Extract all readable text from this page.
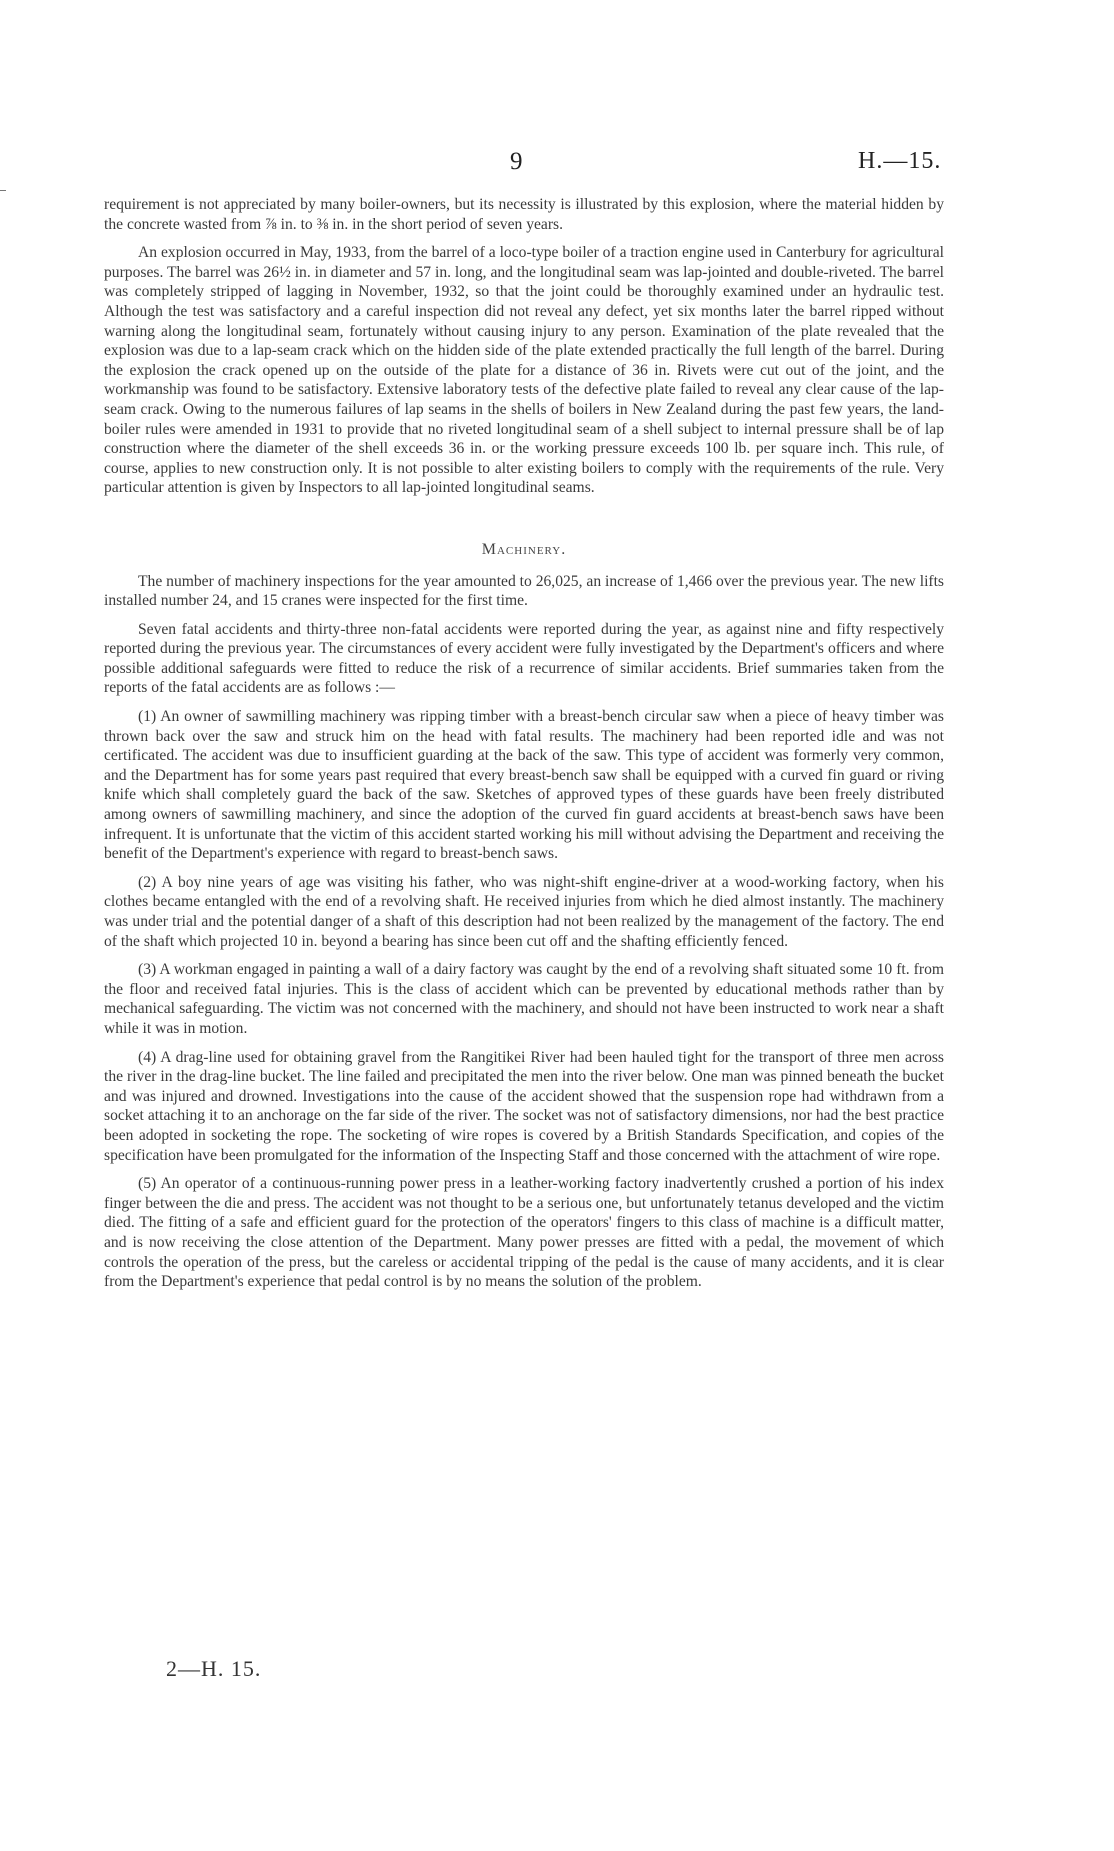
9	H.—15.

requirement is not appreciated by many boiler-owners, but its necessity is illustrated by this explosion, where the material hidden by the concrete wasted from ⅞ in. to ⅜ in. in the short period of seven years.

An explosion occurred in May, 1933, from the barrel of a loco-type boiler of a traction engine used in Canterbury for agricultural purposes. The barrel was 26½ in. in diameter and 57 in. long, and the longitudinal seam was lap-jointed and double-riveted. The barrel was completely stripped of lagging in November, 1932, so that the joint could be thoroughly examined under an hydraulic test. Although the test was satisfactory and a careful inspection did not reveal any defect, yet six months later the barrel ripped without warning along the longitudinal seam, fortunately without causing injury to any person. Examination of the plate revealed that the explosion was due to a lap-seam crack which on the hidden side of the plate extended practically the full length of the barrel. During the explosion the crack opened up on the outside of the plate for a distance of 36 in. Rivets were cut out of the joint, and the workmanship was found to be satisfactory. Extensive laboratory tests of the defective plate failed to reveal any clear cause of the lap-seam crack. Owing to the numerous failures of lap seams in the shells of boilers in New Zealand during the past few years, the land-boiler rules were amended in 1931 to provide that no riveted longitudinal seam of a shell subject to internal pressure shall be of lap construction where the diameter of the shell exceeds 36 in. or the working pressure exceeds 100 lb. per square inch. This rule, of course, applies to new construction only. It is not possible to alter existing boilers to comply with the requirements of the rule. Very particular attention is given by Inspectors to all lap-jointed longitudinal seams.

Machinery.

The number of machinery inspections for the year amounted to 26,025, an increase of 1,466 over the previous year. The new lifts installed number 24, and 15 cranes were inspected for the first time.

Seven fatal accidents and thirty-three non-fatal accidents were reported during the year, as against nine and fifty respectively reported during the previous year. The circumstances of every accident were fully investigated by the Department's officers and where possible additional safeguards were fitted to reduce the risk of a recurrence of similar accidents. Brief summaries taken from the reports of the fatal accidents are as follows :—

(1) An owner of sawmilling machinery was ripping timber with a breast-bench circular saw when a piece of heavy timber was thrown back over the saw and struck him on the head with fatal results. The machinery had been reported idle and was not certificated. The accident was due to insufficient guarding at the back of the saw. This type of accident was formerly very common, and the Department has for some years past required that every breast-bench saw shall be equipped with a curved fin guard or riving knife which shall completely guard the back of the saw. Sketches of approved types of these guards have been freely distributed among owners of sawmilling machinery, and since the adoption of the curved fin guard accidents at breast-bench saws have been infrequent. It is unfortunate that the victim of this accident started working his mill without advising the Department and receiving the benefit of the Department's experience with regard to breast-bench saws.

(2) A boy nine years of age was visiting his father, who was night-shift engine-driver at a wood-working factory, when his clothes became entangled with the end of a revolving shaft. He received injuries from which he died almost instantly. The machinery was under trial and the potential danger of a shaft of this description had not been realized by the management of the factory. The end of the shaft which projected 10 in. beyond a bearing has since been cut off and the shafting efficiently fenced.

(3) A workman engaged in painting a wall of a dairy factory was caught by the end of a revolving shaft situated some 10 ft. from the floor and received fatal injuries. This is the class of accident which can be prevented by educational methods rather than by mechanical safeguarding. The victim was not concerned with the machinery, and should not have been instructed to work near a shaft while it was in motion.

(4) A drag-line used for obtaining gravel from the Rangitikei River had been hauled tight for the transport of three men across the river in the drag-line bucket. The line failed and precipitated the men into the river below. One man was pinned beneath the bucket and was injured and drowned. Investigations into the cause of the accident showed that the suspension rope had withdrawn from a socket attaching it to an anchorage on the far side of the river. The socket was not of satisfactory dimensions, nor had the best practice been adopted in socketing the rope. The socketing of wire ropes is covered by a British Standards Specification, and copies of the specification have been promulgated for the information of the Inspecting Staff and those concerned with the attachment of wire rope.

(5) An operator of a continuous-running power press in a leather-working factory inadvertently crushed a portion of his index finger between the die and press. The accident was not thought to be a serious one, but unfortunately tetanus developed and the victim died. The fitting of a safe and efficient guard for the protection of the operators' fingers to this class of machine is a difficult matter, and is now receiving the close attention of the Department. Many power presses are fitted with a pedal, the movement of which controls the operation of the press, but the careless or accidental tripping of the pedal is the cause of many accidents, and it is clear from the Department's experience that pedal control is by no means the solution of the problem.

2—H. 15.
